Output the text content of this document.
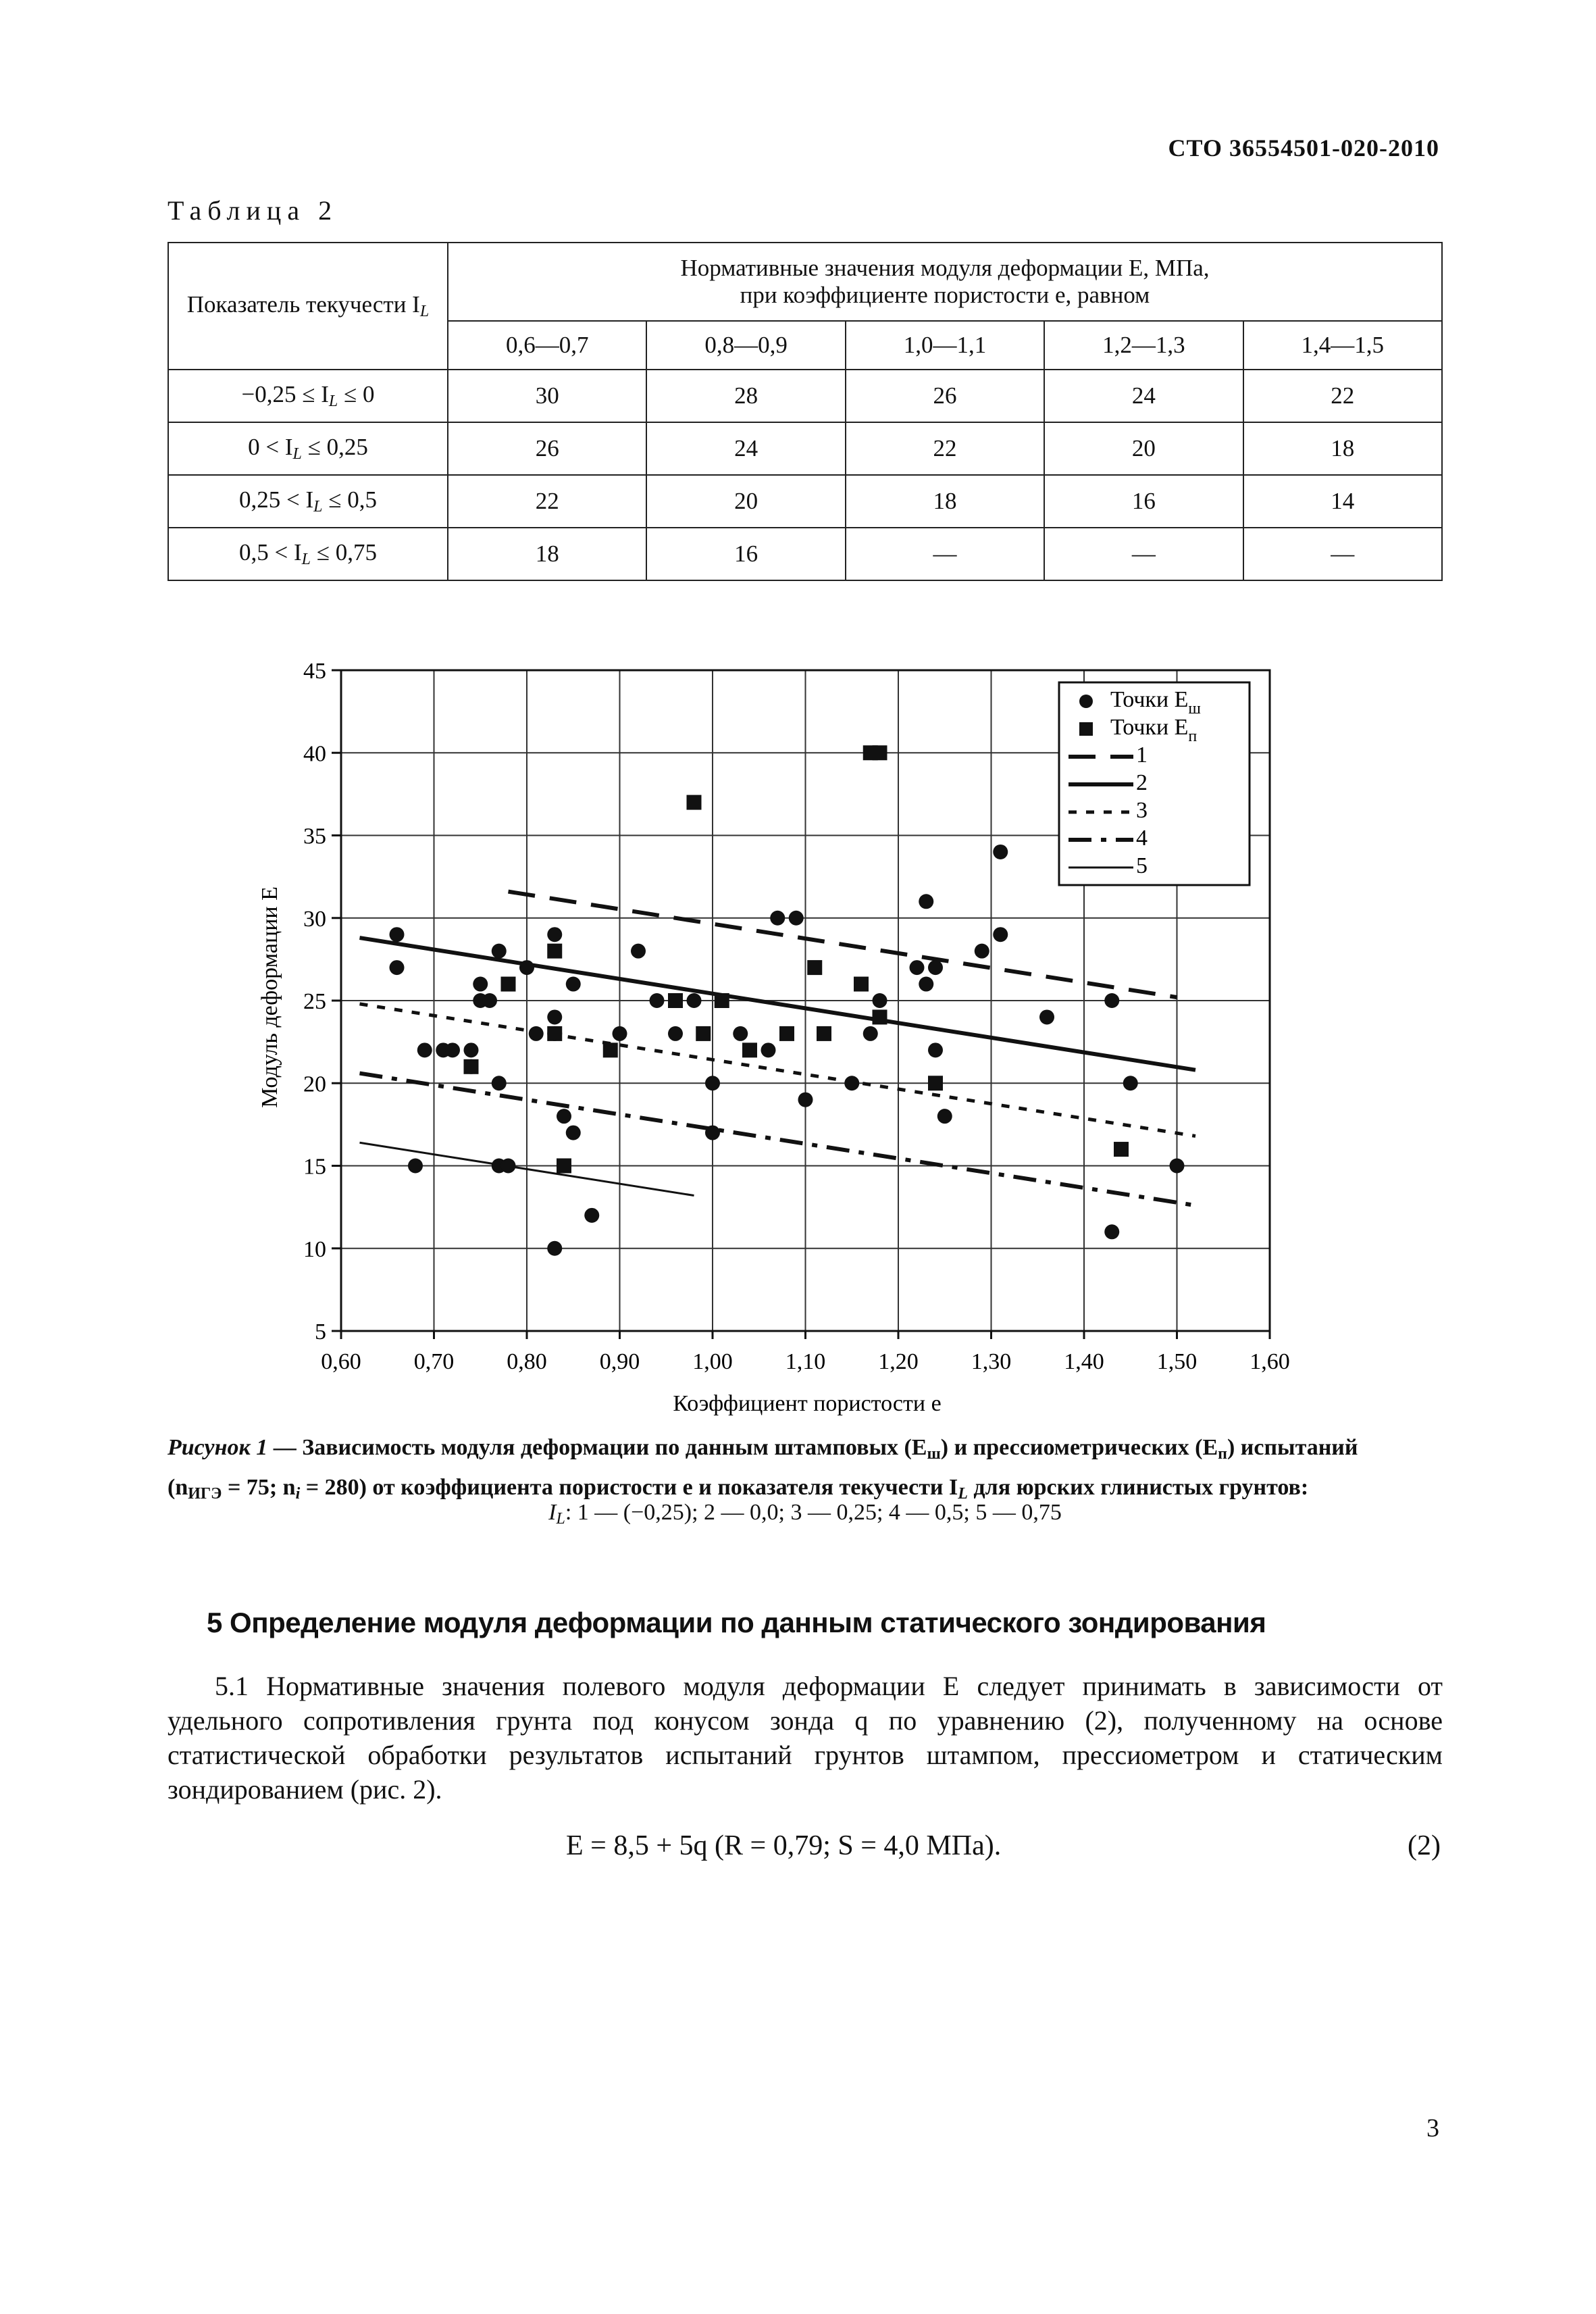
СТО 36554501-020-2010
Таблица 2
Показатель текучести $I_L$	Нормативные значения модуля деформации E, МПа,
при коэффициенте пористости e, равном				

	0,6—0,7	0,8—0,9	1,0—1,1	1,2—1,3	1,4—1,5
$-0,25 \le I_L \le 0$	30	28	26	24	22
$0 < I_L \le 0,25$	26	24	22	20	18
$0,25 < I_L \le 0,5$	22	20	18	16	14
$0,5 < I_L \le 0,75$	18	16	—	—	—
0,60 0,70 0,80 0,90 1,00 1,10 1,20 1,30 1,40 1,50 1,60
5
10
15
20
25
30
35
40
45
Точки $E_ш$
Точки $E_п$
1
2
3
4
5
Коэффициент пористости e
Модуль деформации E
Рисунок 1 — Зависимость модуля деформации по данным штамповых $(E_ш)$ и прессиометрических $(E_п)$ испытаний
($n_{ИГЭ} = 75$; $n_i = 280$) от коэффициента пористости e и показателя текучести $I_L$ для юрских глинистых грунтов:
$I_L$: 1 — (−0,25); 2 — 0,0; 3 — 0,25; 4 — 0,5; 5 — 0,75
5 Определение модуля деформации по данным статического зондирования
5.1 Нормативные значения полевого модуля деформации E следует принимать в зависимости от удельного сопротивления грунта под конусом зонда q по уравнению (2), полученному на основе статистической обработки результатов испытаний грунтов штампом, прессиометром и статическим зондированием (рис. 2).
E = 8,5 + 5q (R = 0,79; S = 4,0 МПа).	(2)
3
